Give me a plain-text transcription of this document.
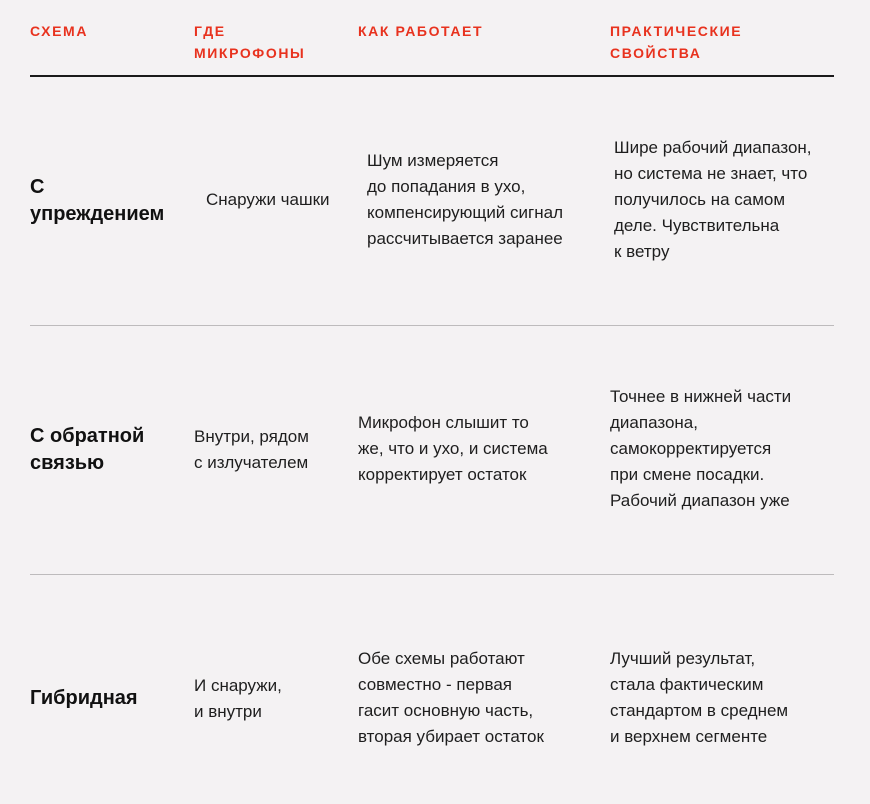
СХЕМА	ГДЕ
МИКРОФОНЫ
КАК РАБОТАЕТ	ПРАКТИЧЕСКИЕ
СВОЙСТВА
С
упреждением
Снаружи чашки
Шум измеряется
до попадания в ухо,
компенсирующий сигнал
рассчитывается заранее
Шире рабочий диапазон,
но система не знает, что
получилось на самом
деле. Чувствительна
к ветру
С обратной
связью
Внутри, рядом
с излучателем
Микрофон слышит то
же, что и ухо, и система
корректирует остаток
Точнее в нижней части
диапазона,
самокорректируется
при смене посадки.
Рабочий диапазон уже
Гибридная
И снаружи,
и внутри
Обе схемы работают
совместно - первая
гасит основную часть,
вторая убирает остаток
Лучший результат,
стала фактическим
стандартом в среднем
и верхнем сегменте
